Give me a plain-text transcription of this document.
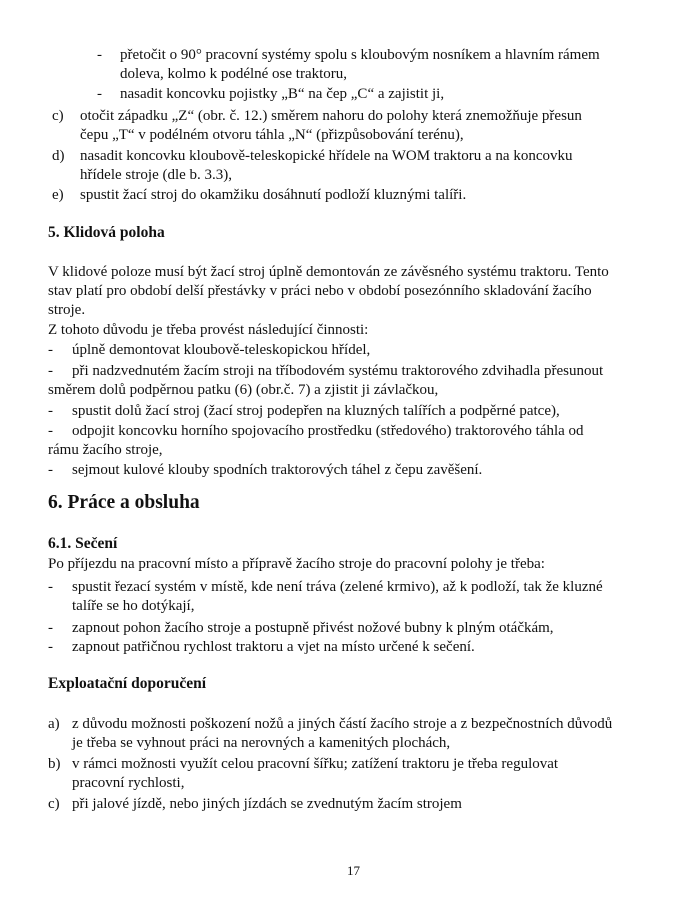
- přetočit o 90° pracovní systémy spolu s kloubovým nosníkem a hlavním rámem
doleva, kolmo k podélné ose traktoru,
- nasadit koncovku pojistky „B“ na čep „C“ a zajistit ji,
c) otočit západku „Z“ (obr. č. 12.) směrem nahoru do polohy která znemožňuje přesun
čepu „T“ v podélném otvoru táhla „N“ (přizpůsobování terénu),
d) nasadit koncovku kloubově-teleskopické hřídele na WOM traktoru a na koncovku
hřídele stroje (dle b. 3.3),
e) spustit žací stroj do okamžiku dosáhnutí podloží kluznými talíři.
5. Klidová poloha
V klidové poloze musí být žací stroj úplně demontován ze závěsného systému traktoru. Tento
stav platí pro období delší přestávky v práci nebo v období posezónního skladování žacího
stroje.
Z tohoto důvodu je třeba provést následující činnosti:
- úplně demontovat kloubově-teleskopickou hřídel,
- při nadzvednutém žacím stroji na tříbodovém systému traktorového zdvihadla přesunout
směrem dolů podpěrnou patku (6) (obr.č. 7) a zjistit ji závlačkou,
- spustit dolů žací stroj (žací stroj podepřen na kluzných talířích a podpěrné patce),
- odpojit koncovku horního spojovacího prostředku (středového) traktorového táhla od
rámu žacího stroje,
- sejmout kulové klouby spodních traktorových táhel z čepu zavěšení.
6. Práce a obsluha
6.1. Sečení
Po příjezdu na pracovní místo a přípravě žacího stroje do pracovní polohy je třeba:
- spustit řezací systém v místě, kde není tráva (zelené krmivo), až k podloží, tak že kluzné
talíře se ho dotýkají,
- zapnout pohon žacího stroje a postupně přivést nožové bubny k plným otáčkám,
- zapnout patřičnou rychlost traktoru a vjet na místo určené k sečení.
Exploatační doporučení
a) z důvodu možnosti poškození nožů a jiných částí žacího stroje a z bezpečnostních důvodů
je třeba se vyhnout práci na nerovných a kamenitých plochách,
b) v rámci možnosti využít celou pracovní šířku; zatížení traktoru je třeba regulovat
pracovní rychlosti,
c) při jalové jízdě, nebo jiných jízdách se zvednutým žacím strojem
17
